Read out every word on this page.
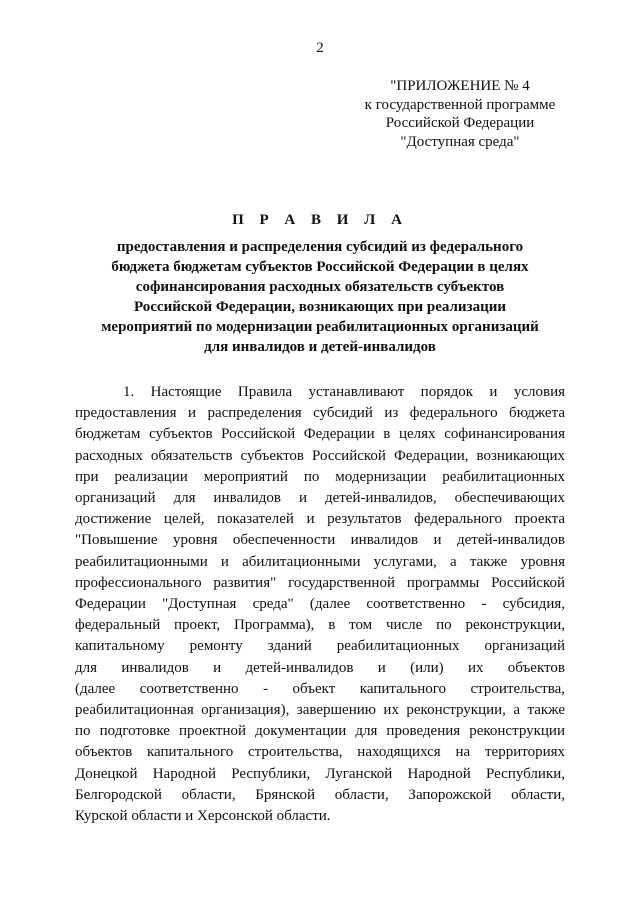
2
"ПРИЛОЖЕНИЕ № 4
к государственной программе
Российской Федерации
"Доступная среда"
П Р А В И Л А
предоставления и распределения субсидий из федерального
бюджета бюджетам субъектов Российской Федерации в целях
софинансирования расходных обязательств субъектов
Российской Федерации, возникающих при реализации
мероприятий по модернизации реабилитационных организаций
для инвалидов и детей-инвалидов
1. Настоящие Правила устанавливают порядок и условия
предоставления и распределения субсидий из федерального бюджета
бюджетам субъектов Российской Федерации в целях софинансирования
расходных обязательств субъектов Российской Федерации, возникающих
при реализации мероприятий по модернизации реабилитационных
организаций для инвалидов и детей-инвалидов, обеспечивающих
достижение целей, показателей и результатов федерального проекта
"Повышение уровня обеспеченности инвалидов и детей-инвалидов
реабилитационными и абилитационными услугами, а также уровня
профессионального развития" государственной программы Российской
Федерации "Доступная среда" (далее соответственно - субсидия,
федеральный проект, Программа), в том числе по реконструкции,
капитальному ремонту зданий реабилитационных организаций
для инвалидов и детей-инвалидов и (или) их объектов
(далее соответственно - объект капитального строительства,
реабилитационная организация), завершению их реконструкции, а также
по подготовке проектной документации для проведения реконструкции
объектов капитального строительства, находящихся на территориях
Донецкой Народной Республики, Луганской Народной Республики,
Белгородской области, Брянской области, Запорожской области,
Курской области и Херсонской области.
